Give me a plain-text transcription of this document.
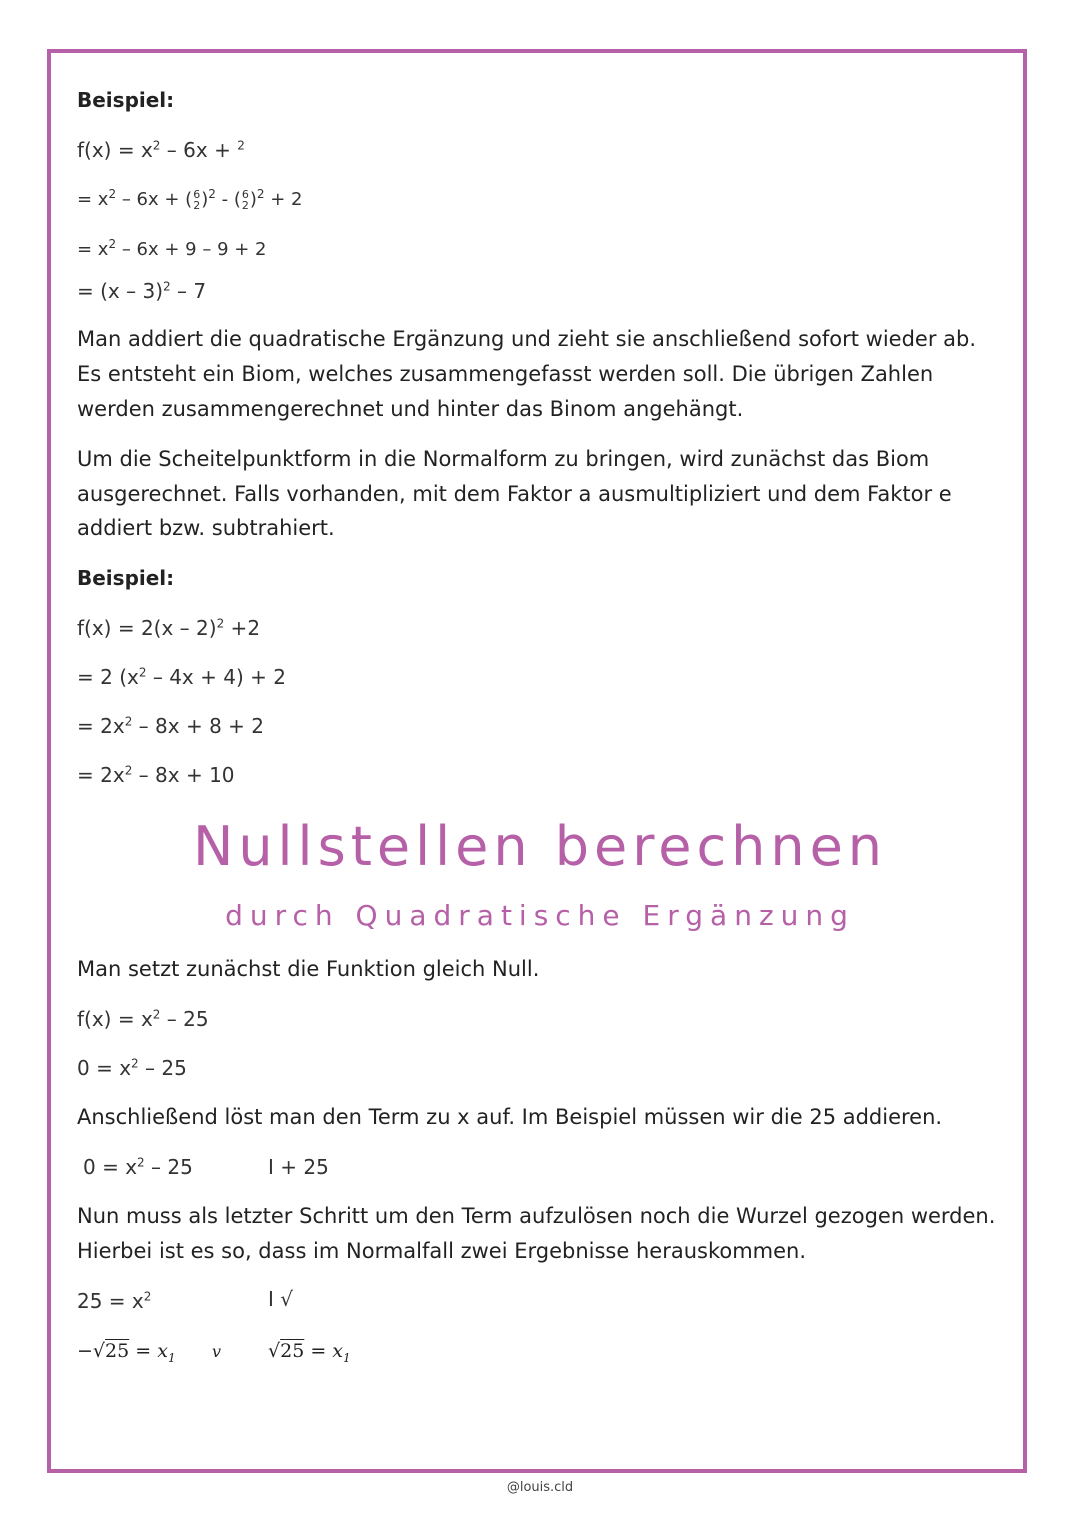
Beispiel:
$f(x) = x^2 - 6x + ^2$
= $x^2 - 6x$ + ( 6
2 )$^2$ - ( 6
2 )$^2$ + 2
= $x^2 - 6x + 9 - 9 + 2$
= (x – 3)$^2$ – 7
Man addiert die quadratische Ergänzung und zieht sie anschließend sofort wieder ab.
Es entsteht ein Biom, welches zusammengefasst werden soll. Die übrigen Zahlen
werden zusammengerechnet und hinter das Binom angehängt.
Um die Scheitelpunktform in die Normalform zu bringen, wird zunächst das Biom
ausgerechnet. Falls vorhanden, mit dem Faktor a ausmultipliziert und dem Faktor e
addiert bzw. subtrahiert.
Beispiel:
f(x) = 2(x – 2)$^2$ +2
= 2 $(x^2 - 4x + 4) + 2$
= $2x^2 - 8x + 8 + 2$
= $2x^2 - 8x + 10$
Nullstellen berechnen
durch Quadratische Ergänzung
Man setzt zunächst die Funktion gleich Null.
$f(x) = x^2 - 25$
$0 = x^2 - 25$
Anschließend löst man den Term zu x auf. Im Beispiel müssen wir die 25 addieren.
$0 = x^2 - 25$	I + 25
Nun muss als letzter Schritt um den Term aufzulösen noch die Wurzel gezogen werden.
Hierbei ist es so, dass im Normalfall zwei Ergebnisse herauskommen.
$25 = x^2$	I √
$-√25 = x_1$ v $√25 = x_1$
@louis.cld
